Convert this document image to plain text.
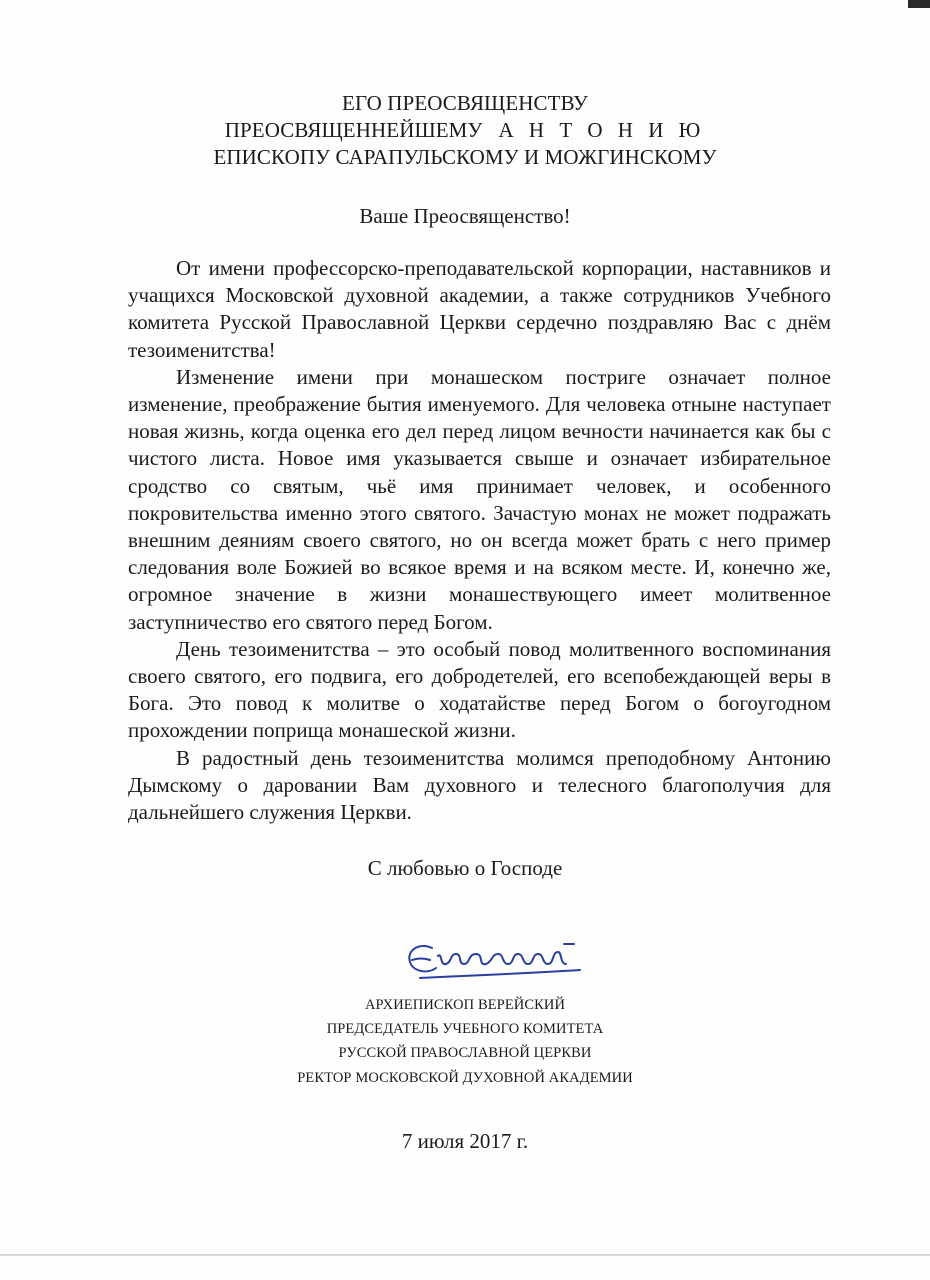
ЕГО ПРЕОСВЯЩЕНСТВУ
ПРЕОСВЯЩЕННЕЙШЕМУ А Н Т О Н И Ю
ЕПИСКОПУ САРАПУЛЬСКОМУ И МОЖГИНСКОМУ
Ваше Преосвященство!

От имени профессорско-преподавательской корпорации, наставников и учащихся Московской духовной академии, а также сотрудников Учебного комитета Русской Православной Церкви сердечно поздравляю Вас с днём тезоименитства!

Изменение имени при монашеском постриге означает полное изменение, преображение бытия именуемого. Для человека отныне наступает новая жизнь, когда оценка его дел перед лицом вечности начинается как бы с чистого листа. Новое имя указывается свыше и означает избирательное сродство со святым, чьё имя принимает человек, и особенного покровительства именно этого святого. Зачастую монах не может подражать внешним деяниям своего святого, но он всегда может брать с него пример следования воле Божией во всякое время и на всяком месте. И, конечно же, огромное значение в жизни монашествующего имеет молитвенное заступничество его святого перед Богом.

День тезоименитства – это особый повод молитвенного воспоминания своего святого, его подвига, его добродетелей, его всепобеждающей веры в Бога. Это повод к молитве о ходатайстве перед Богом о богоугодном прохождении поприща монашеской жизни.

В радостный день тезоименитства молимся преподобному Антонию Дымскому о даровании Вам духовного и телесного благополучия для дальнейшего служения Церкви.

С любовью о Господе
АРХИЕПИСКОП ВЕРЕЙСКИЙ
ПРЕДСЕДАТЕЛЬ УЧЕБНОГО КОМИТЕТА
РУССКОЙ ПРАВОСЛАВНОЙ ЦЕРКВИ
РЕКТОР МОСКОВСКОЙ ДУХОВНОЙ АКАДЕМИИ
7 июля 2017 г.
